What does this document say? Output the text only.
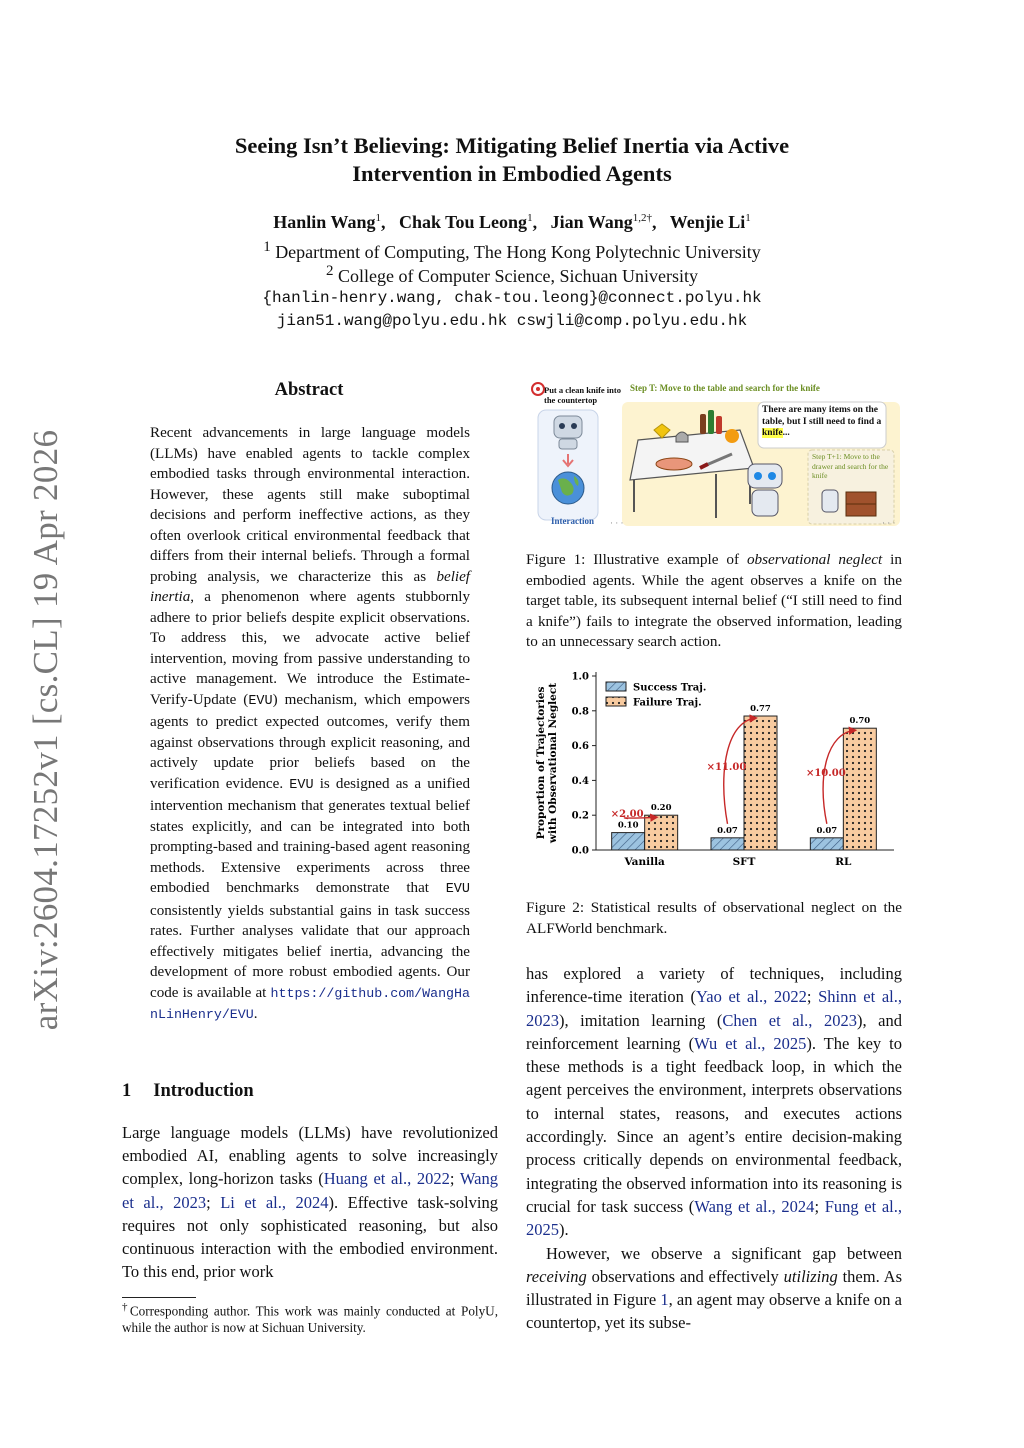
arXiv:2604.17252v1 [cs.CL] 19 Apr 2026
Seeing Isn’t Believing: Mitigating Belief Inertia via Active
Intervention in Embodied Agents
Hanlin Wang$^1$,   Chak Tou Leong$^1$,   Jian Wang$^{1,2\dagger}$,   Wenjie Li$^1$
$^1$ Department of Computing, The Hong Kong Polytechnic University
$^2$ College of Computer Science, Sichuan University
{hanlin-henry.wang, chak-tou.leong}@connect.polyu.hk
jian51.wang@polyu.edu.hk cswjli@comp.polyu.edu.hk
Abstract
Recent advancements in large language models (LLMs) have enabled agents to tackle complex embodied tasks through environmental interaction. However, these agents still make suboptimal decisions and perform ineffective actions, as they often overlook critical environmental feedback that differs from their internal beliefs. Through a formal probing analysis, we characterize this as belief inertia, a phenomenon where agents stubbornly adhere to prior beliefs despite explicit observations. To address this, we advocate active belief intervention, moving from passive understanding to active management. We introduce the Estimate-Verify-Update (EVU) mechanism, which empowers agents to predict expected outcomes, verify them against observations through explicit reasoning, and actively update prior beliefs based on the verification evidence. EVU is designed as a unified intervention mechanism that generates textual belief states explicitly, and can be integrated into both prompting-based and training-based agent reasoning methods. Extensive experiments across three embodied benchmarks demonstrate that EVU consistently yields substantial gains in task success rates. Further analyses validate that our approach effectively mitigates belief inertia, advancing the development of more robust embodied agents. Our code is available at https://github.com/WangHanLinHenry/EVU.
1 Introduction
Large language models (LLMs) have revolutionized embodied AI, enabling agents to solve increasingly complex, long-horizon tasks (Huang et al., 2022; Wang et al., 2023; Li et al., 2024). Effective task-solving requires not only sophisticated reasoning, but also continuous interaction with the embodied environment. To this end, prior work
†Corresponding author. This work was mainly conducted at PolyU, while the author is now at Sichuan University.
Put a clean knife into the countertop
Step T: Move to the table and search for the knife
There are many items on the table, but I still need to find a knife...
Step T+1: Move to the drawer and search for the knife
Interaction · · ·	· · ·
Figure 1: Illustrative example of observational neglect in embodied agents. While the agent observes a knife on the target table, its subsequent internal belief (“I still need to find a knife”) fails to integrate the observed information, leading to an unnecessary search action.
0.0
0.2
0.4
0.6
0.8
1.0
Proportion of Trajectories with Observational Neglect	0.10
0.20
Vanilla
×2.00
0.07
0.77
SFT
×11.00
0.07
0.70
RL
×10.00
Success Traj.
Failure Traj.
Figure 2: Statistical results of observational neglect on the ALFWorld benchmark.

has explored a variety of techniques, including inference-time iteration (Yao et al., 2022; Shinn et al., 2023), imitation learning (Chen et al., 2023), and reinforcement learning (Wu et al., 2025). The key to these methods is a tight feedback loop, in which the agent perceives the environment, interprets observations to internal states, reasons, and executes actions accordingly. Since an agent’s entire decision-making process critically depends on environmental feedback, integrating the observed information into its reasoning is crucial for task success (Wang et al., 2024; Fung et al., 2025).

However, we observe a significant gap between receiving observations and effectively utilizing them. As illustrated in Figure 1, an agent may observe a knife on a countertop, yet its subse-
